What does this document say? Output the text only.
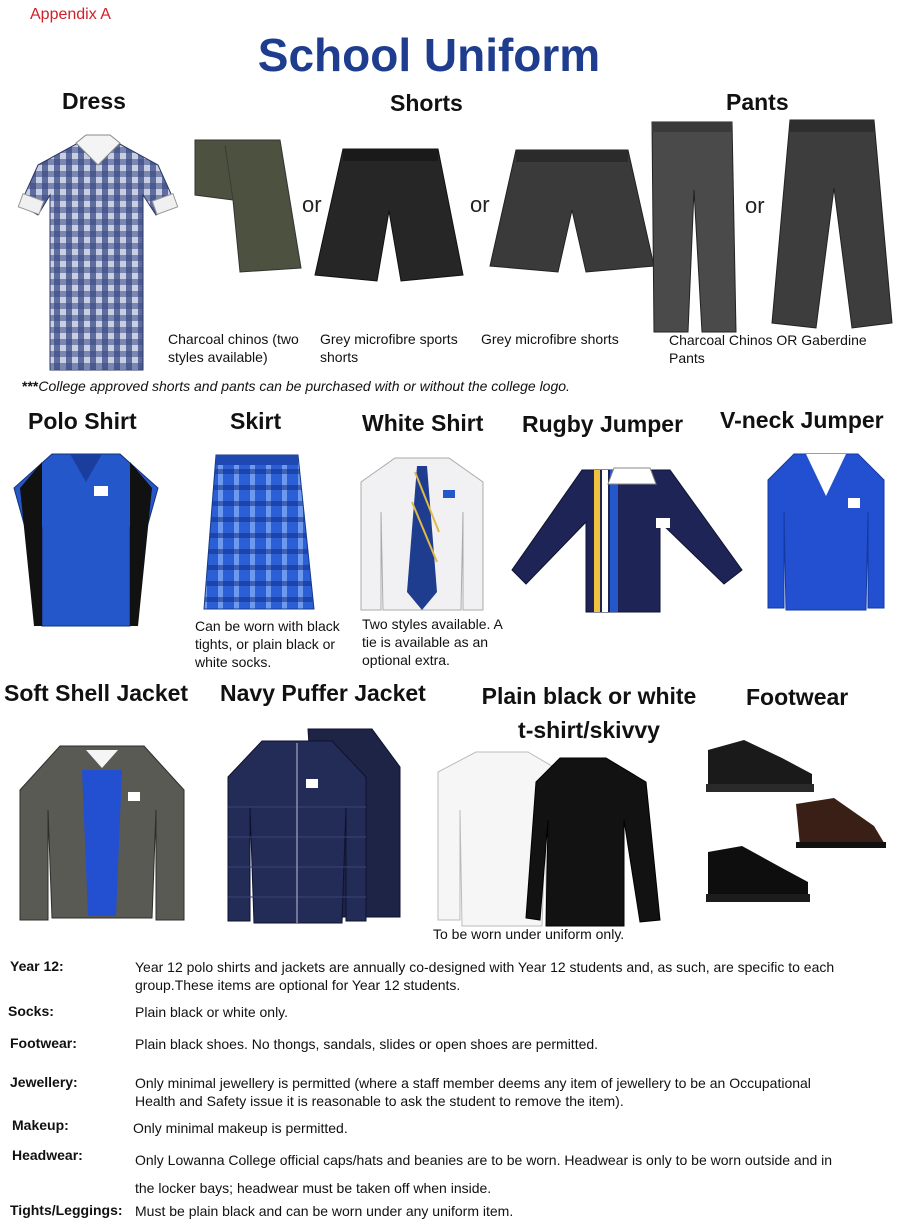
Appendix A
School Uniform
Dress	Shorts	Pants
or	or	or
Charcoal chinos (two styles available)
Grey microfibre sports shorts
Grey microfibre shorts	Charcoal Chinos OR Gaberdine Pants
***College approved shorts and pants can be purchased with or without the college logo.
Polo Shirt	Skirt	White Shirt Rugby Jumper V-neck Jumper
Can be worn with black tights, or plain black or white socks.
Two styles available. A tie is available as an optional extra.
Soft Shell Jacket Navy Puffer Jacket	Plain black or white
t-shirt/skivvy
Footwear
To be worn under uniform only.
Year 12:	Year 12 polo shirts and jackets are annually co-designed with Year 12 students and, as such, are specific to each group.These items are optional for Year 12 students.
Socks:	Plain black or white only.
Footwear:	Plain black shoes. No thongs, sandals, slides or open shoes are permitted.
Jewellery:	Only minimal jewellery is permitted (where a staff member deems any item of jewellery to be an Occupational Health and Safety issue it is reasonable to ask the student to remove the item).
Makeup:	Only minimal makeup is permitted.
Headwear:	Only Lowanna College official caps/hats and beanies are to be worn. Headwear is only to be worn outside and in the locker bays; headwear must be taken off when inside.
Tights/Leggings: Must be plain black and can be worn under any uniform item.
